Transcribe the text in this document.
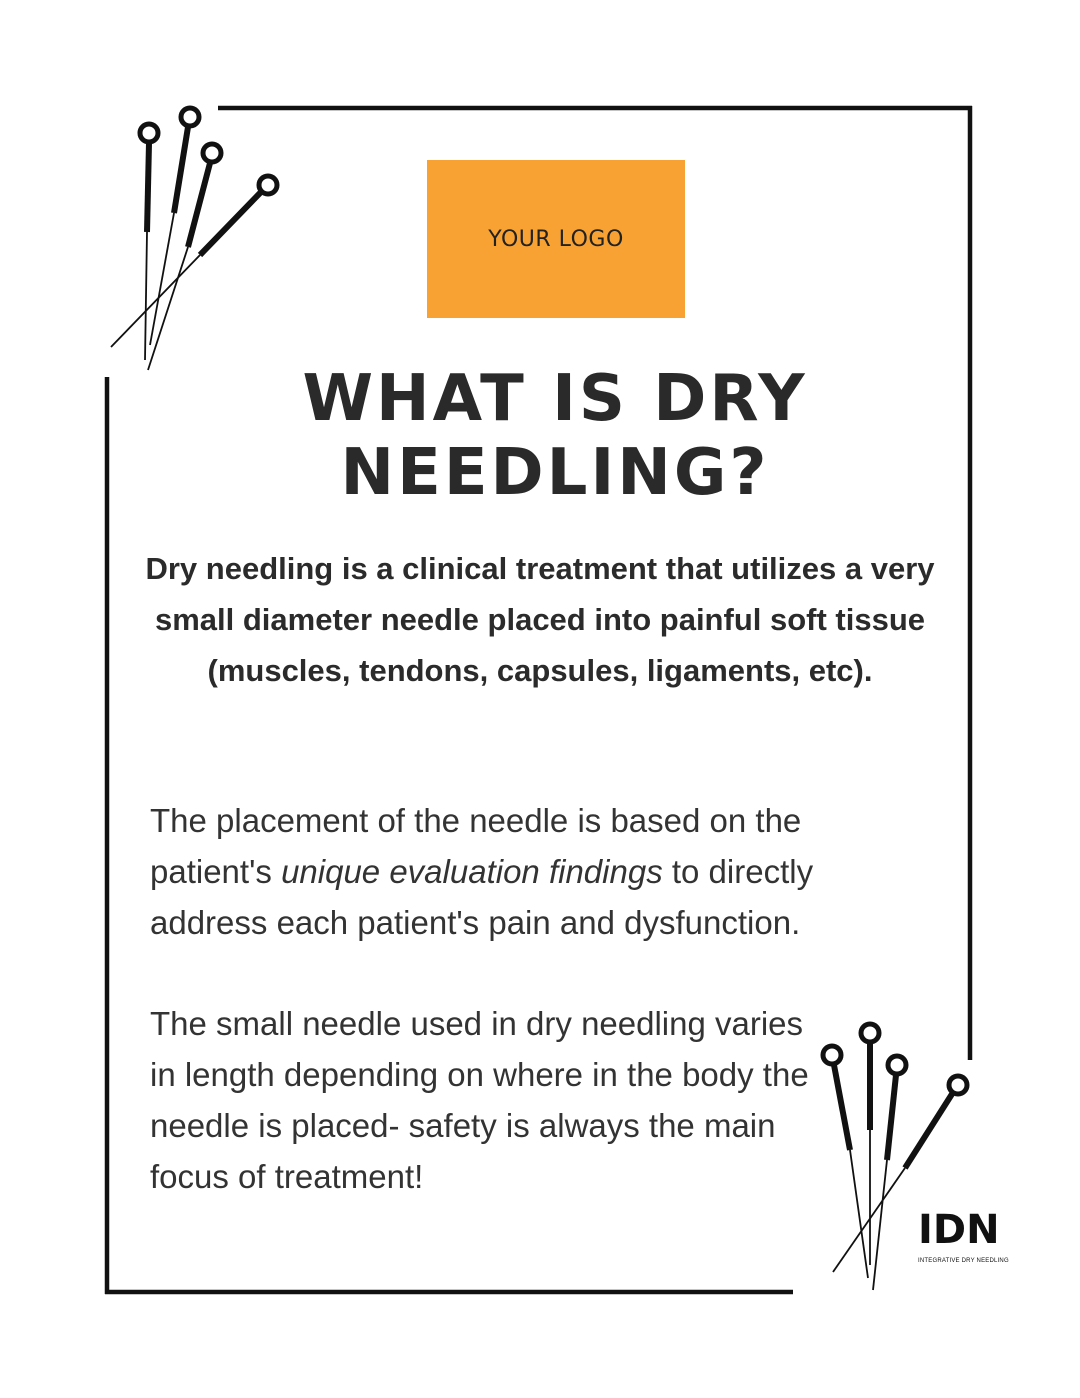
YOUR LOGO
WHAT IS DRY
NEEDLING?
Dry needling is a clinical treatment that utilizes a very small diameter needle placed into painful soft tissue (muscles, tendons, capsules, ligaments, etc).
The placement of the needle is based on the patient's unique evaluation findings to directly address each patient's pain and dysfunction.
The small needle used in dry needling varies in length depending on where in the body the needle is placed- safety is always the main focus of treatment!
IDN
INTEGRATIVE DRY NEEDLING
